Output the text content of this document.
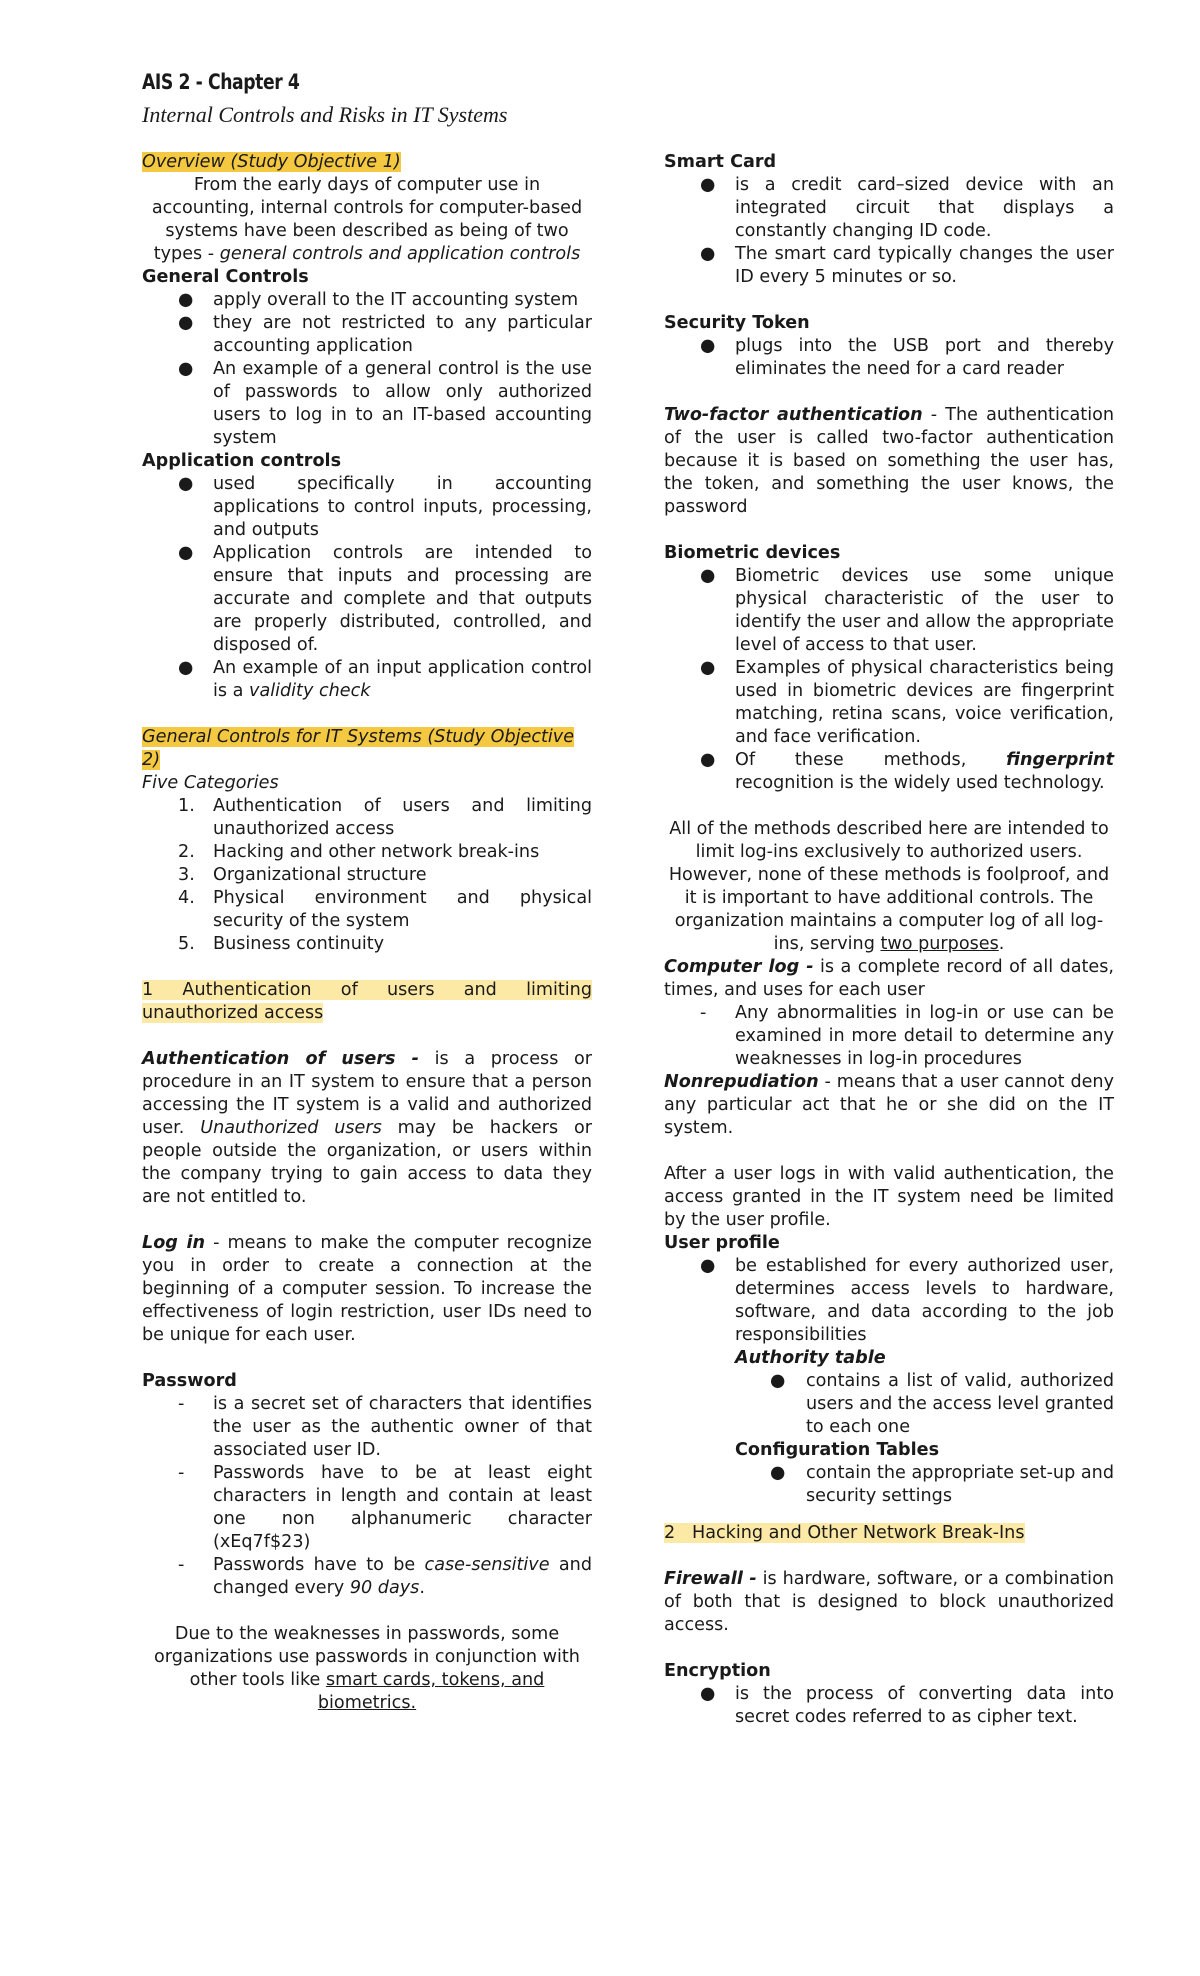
AIS 2 - Chapter 4
Internal Controls and Risks in IT Systems

Overview (Study Objective 1)

From the early days of computer use in accounting, internal controls for computer-based systems have been described as being of two types - general controls and application controls

General Controls

● apply overall to the IT accounting system
● they are not restricted to any particular accounting application
● An example of a general control is the use of passwords to allow only authorized users to log in to an IT-based accounting system

Application controls

● used specifically in accounting applications to control inputs, processing, and outputs
● Application controls are intended to ensure that inputs and processing are accurate and complete and that outputs are properly distributed, controlled, and disposed of.
● An example of an input application control is a validity check

General Controls for IT Systems (Study Objective 2)

Five Categories

1. Authentication of users and limiting unauthorized access
2. Hacking and other network break-ins
3. Organizational structure
4. Physical environment and physical security of the system
5. Business continuity

1 Authentication of users and limiting unauthorized access

Authentication of users - is a process or procedure in an IT system to ensure that a person accessing the IT system is a valid and authorized user. Unauthorized users may be hackers or people outside the organization, or users within the company trying to gain access to data they are not entitled to.

Log in - means to make the computer recognize you in order to create a connection at the beginning of a computer session. To increase the effectiveness of login restriction, user IDs need to be unique for each user.

Password

- is a secret set of characters that identifies the user as the authentic owner of that associated user ID.
- Passwords have to be at least eight characters in length and contain at least one non alphanumeric character (xEq7f$23)
- Passwords have to be case-sensitive and changed every 90 days.

Due to the weaknesses in passwords, some organizations use passwords in conjunction with other tools like smart cards, tokens, and biometrics.

Smart Card

● is a credit card–sized device with an integrated circuit that displays a constantly changing ID code.
● The smart card typically changes the user ID every 5 minutes or so.

Security Token

● plugs into the USB port and thereby eliminates the need for a card reader

Two-factor authentication - The authentication of the user is called two-factor authentication because it is based on something the user has, the token, and something the user knows, the password

Biometric devices

● Biometric devices use some unique physical characteristic of the user to identify the user and allow the appropriate level of access to that user.
● Examples of physical characteristics being used in biometric devices are fingerprint matching, retina scans, voice verification, and face verification.
● Of these methods, fingerprint recognition is the widely used technology.

All of the methods described here are intended to limit log-ins exclusively to authorized users. However, none of these methods is foolproof, and it is important to have additional controls. The organization maintains a computer log of all log-ins, serving two purposes.

Computer log - is a complete record of all dates, times, and uses for each user

- Any abnormalities in log-in or use can be examined in more detail to determine any weaknesses in log-in procedures

Nonrepudiation - means that a user cannot deny any particular act that he or she did on the IT system.

After a user logs in with valid authentication, the access granted in the IT system need be limited by the user profile.

User profile

● be established for every authorized user, determines access levels to hardware, software, and data according to the job responsibilities

Authority table

● contains a list of valid, authorized users and the access level granted to each one

Configuration Tables

● contain the appropriate set-up and security settings

2   Hacking and Other Network Break-Ins

Firewall - is hardware, software, or a combination of both that is designed to block unauthorized access.

Encryption

● is the process of converting data into secret codes referred to as cipher text.
